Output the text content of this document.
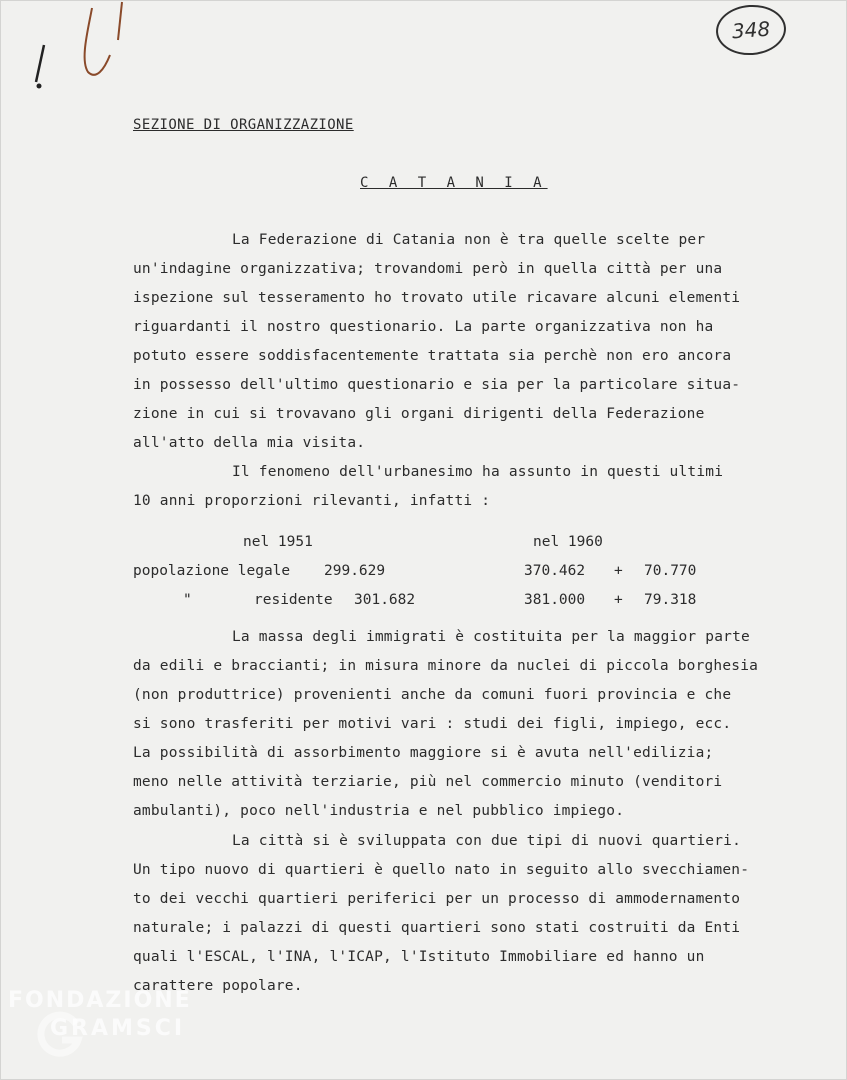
348
SEZIONE DI ORGANIZZAZIONE
C A T A N I A
La Federazione di Catania non è tra quelle scelte per
un'indagine organizzativa; trovandomi però in quella città per una
ispezione sul tesseramento ho trovato utile ricavare alcuni elementi
riguardanti il nostro questionario. La parte organizzativa non ha
potuto essere soddisfacentemente trattata sia perchè non ero ancora
in possesso dell'ultimo questionario e sia per la particolare situa-
zione in cui si trovavano gli organi dirigenti della Federazione
all'atto della mia visita.
Il fenomeno dell'urbanesimo ha assunto in questi ultimi
10 anni proporzioni rilevanti, infatti :
nel 1951	nel 1960
popolazione legale 299.629	370.462 + 70.770
"	residente 301.682	381.000 + 79.318
La massa degli immigrati è costituita per la maggior parte
da edili e braccianti; in misura minore da nuclei di piccola borghesia
(non produttrice) provenienti anche da comuni fuori provincia e che
si sono trasferiti per motivi vari : studi dei figli, impiego, ecc.
La possibilità di assorbimento maggiore si è avuta nell'edilizia;
meno nelle attività terziarie, più nel commercio minuto (venditori
ambulanti), poco nell'industria e nel pubblico impiego.
La città si è sviluppata con due tipi di nuovi quartieri.
Un tipo nuovo di quartieri è quello nato in seguito allo svecchiamen-
to dei vecchi quartieri periferici per un processo di ammodernamento
naturale; i palazzi di questi quartieri sono stati costruiti da Enti
quali l'ESCAL, l'INA, l'ICAP, l'Istituto Immobiliare ed hanno un
carattere popolare.
FONDAZIONE
GRAMSCI
